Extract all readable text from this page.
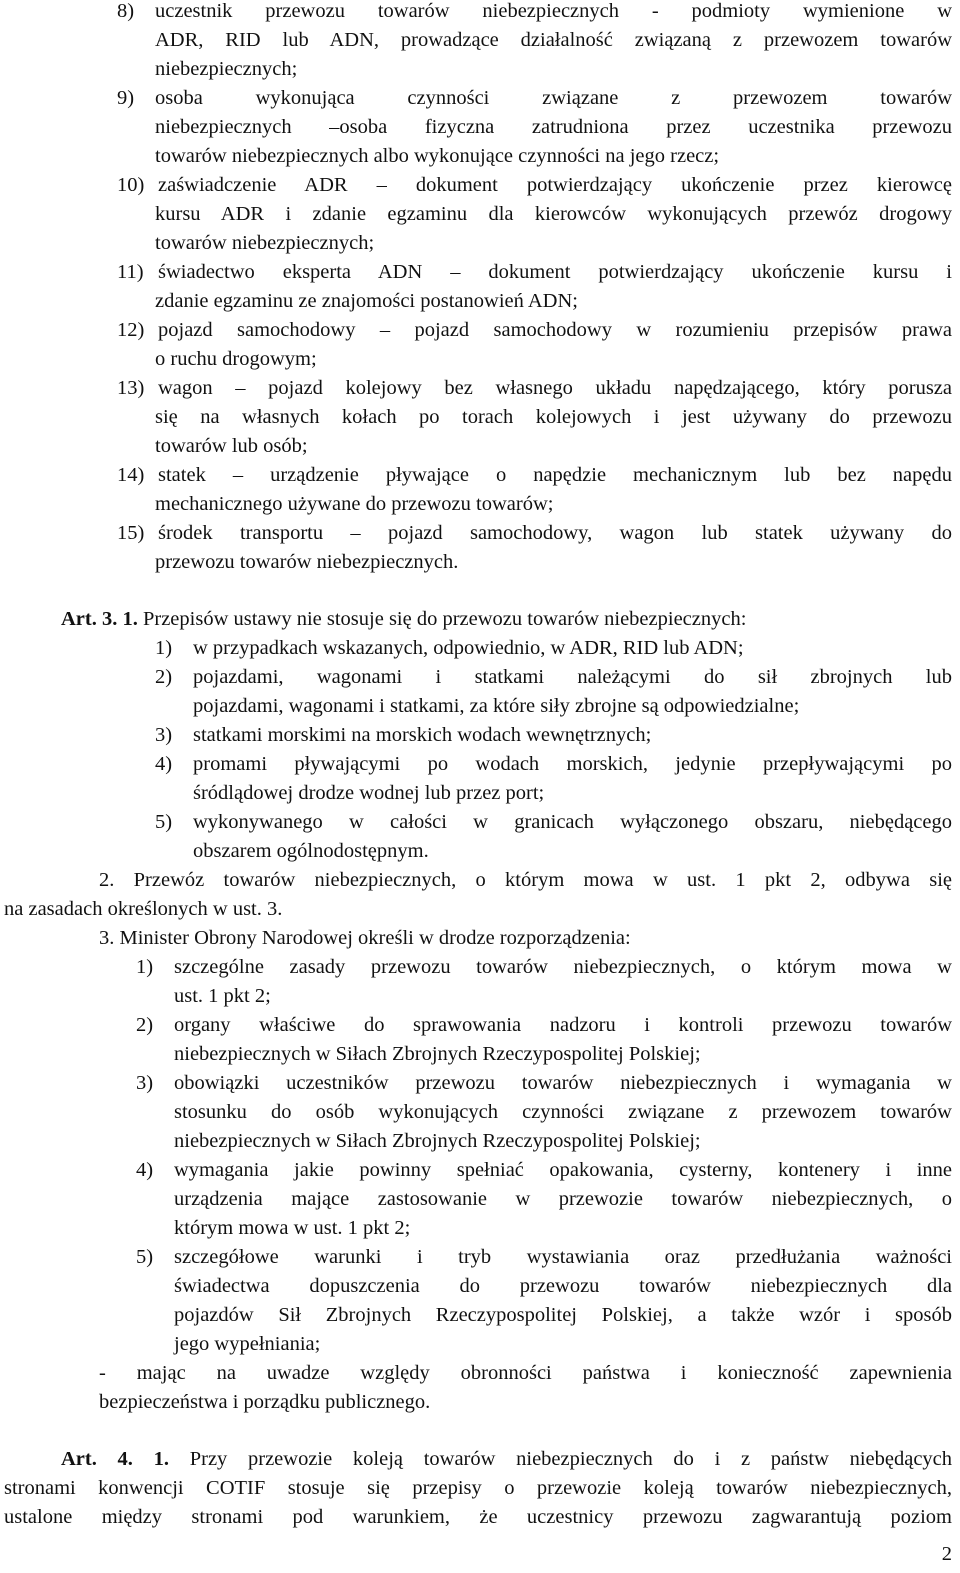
8) uczestnik przewozu towarów niebezpiecznych - podmioty wymienione w
ADR, RID lub ADN, prowadzące działalność związaną z przewozem towarów
niebezpiecznych;
9) osoba wykonująca czynności związane z przewozem towarów
niebezpiecznych –osoba fizyczna zatrudniona przez uczestnika przewozu
towarów niebezpiecznych albo wykonujące czynności na jego rzecz;
10) zaświadczenie ADR – dokument potwierdzający ukończenie przez kierowcę
kursu ADR i zdanie egzaminu dla kierowców wykonujących przewóz drogowy
towarów niebezpiecznych;
11) świadectwo eksperta ADN – dokument potwierdzający ukończenie kursu i
zdanie egzaminu ze znajomości postanowień ADN;
12) pojazd samochodowy – pojazd samochodowy w rozumieniu przepisów prawa
o ruchu drogowym;
13) wagon – pojazd kolejowy bez własnego układu napędzającego, który porusza
się na własnych kołach po torach kolejowych i jest używany do przewozu
towarów lub osób;
14) statek – urządzenie pływające o napędzie mechanicznym lub bez napędu
mechanicznego używane do przewozu towarów;
15) środek transportu – pojazd samochodowy, wagon lub statek używany do
przewozu towarów niebezpiecznych.
Art. 3. 1. Przepisów ustawy nie stosuje się do przewozu towarów niebezpiecznych:
1) w przypadkach wskazanych, odpowiednio, w ADR, RID lub ADN;
2) pojazdami, wagonami i statkami należącymi do sił zbrojnych lub
pojazdami, wagonami i statkami, za które siły zbrojne są odpowiedzialne;
3) statkami morskimi na morskich wodach wewnętrznych;
4) promami pływającymi po wodach morskich, jedynie przepływającymi po
śródlądowej drodze wodnej lub przez port;
5) wykonywanego w całości w granicach wyłączonego obszaru, niebędącego
obszarem ogólnodostępnym.
2. Przewóz towarów niebezpiecznych, o którym mowa w ust. 1 pkt 2, odbywa się
na zasadach określonych w ust. 3.
3. Minister Obrony Narodowej określi w drodze rozporządzenia:
1) szczególne zasady przewozu towarów niebezpiecznych, o którym mowa w
ust. 1 pkt 2;
2) organy właściwe do sprawowania nadzoru i kontroli przewozu towarów
niebezpiecznych w Siłach Zbrojnych Rzeczypospolitej Polskiej;
3) obowiązki uczestników przewozu towarów niebezpiecznych i wymagania w
stosunku do osób wykonujących czynności związane z przewozem towarów
niebezpiecznych w Siłach Zbrojnych Rzeczypospolitej Polskiej;
4) wymagania jakie powinny spełniać opakowania, cysterny, kontenery i inne
urządzenia mające zastosowanie w przewozie towarów niebezpiecznych, o
którym mowa w ust. 1 pkt 2;
5) szczegółowe warunki i tryb wystawiania oraz przedłużania ważności
świadectwa dopuszczenia do przewozu towarów niebezpiecznych dla
pojazdów Sił Zbrojnych Rzeczypospolitej Polskiej, a także wzór i sposób
jego wypełniania;
- mając na uwadze względy obronności państwa i konieczność zapewnienia
bezpieczeństwa i porządku publicznego.
Art. 4. 1. Przy przewozie koleją towarów niebezpiecznych do i z państw niebędących
stronami konwencji COTIF stosuje się przepisy o przewozie koleją towarów niebezpiecznych,
ustalone między stronami pod warunkiem, że uczestnicy przewozu zagwarantują poziom
2
